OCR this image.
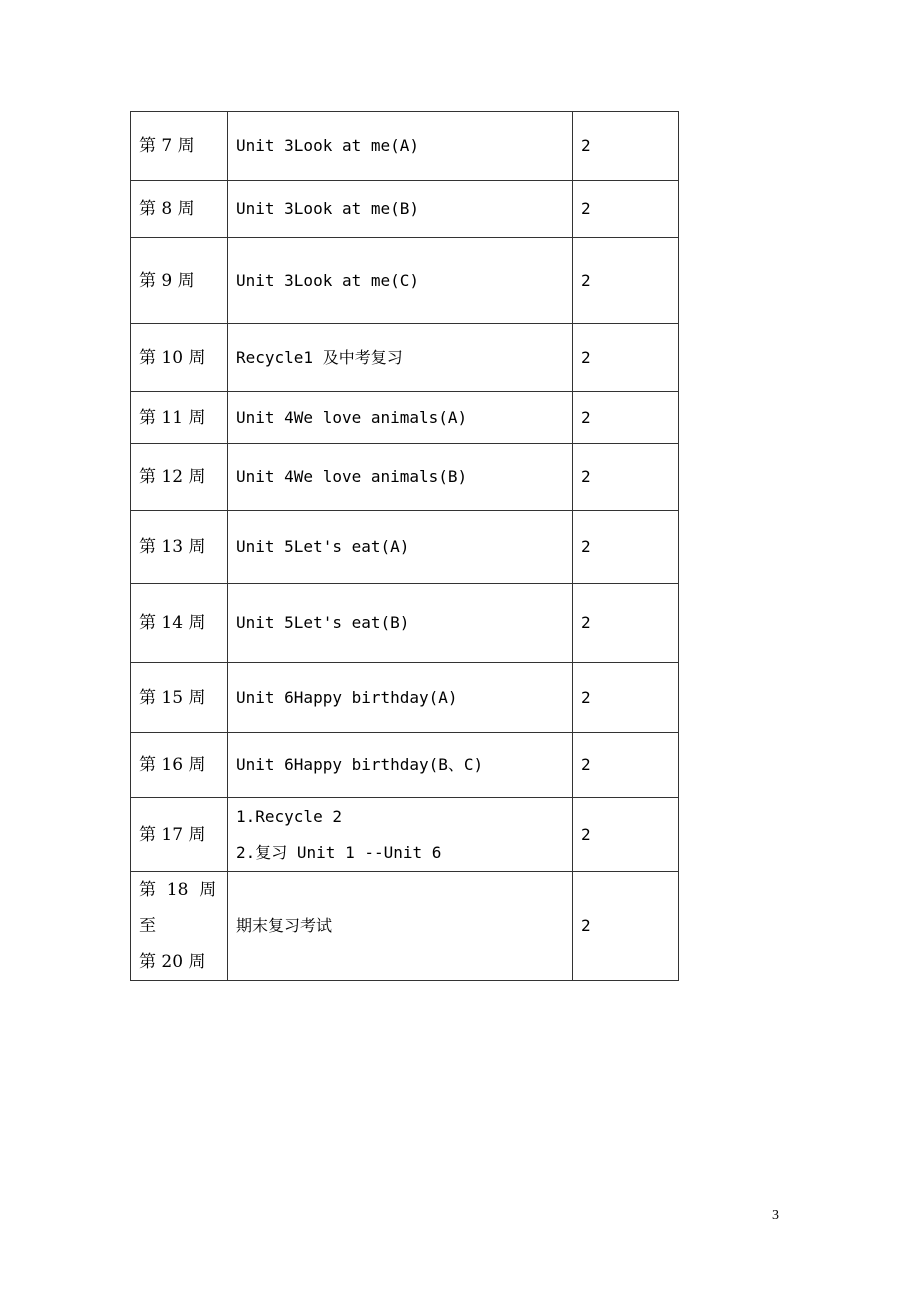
第 7 周	Unit 3Look at me(A)	2

第 8 周	Unit 3Look at me(B)	2

第 9 周	Unit 3Look at me(C)	2

第 10 周	Recycle1 及中考复习	2

第 11 周	Unit 4We love animals(A)	2

第 12 周	Unit 4We love animals(B)	2

第 13 周	Unit 5Let's eat(A)	2

第 14 周	Unit 5Let's eat(B)	2

第 15 周	Unit 6Happy birthday(A)	2

第 16 周	Unit 6Happy birthday(B、C)	2

第 17 周	1.Recycle 2
2.复习 Unit 1 --Unit 6	2

第  18  周
至
第 20 周	期末复习考试	2
3
